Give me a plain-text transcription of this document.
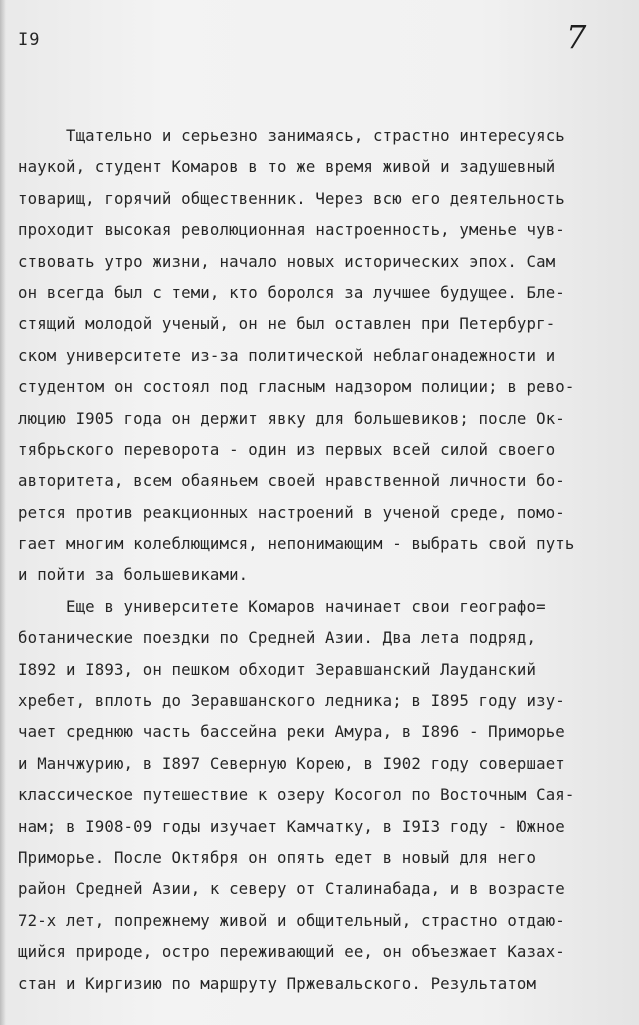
I9	7
Тщательно и серьезно занимаясь, страстно интересуясь
наукой, студент Комаров в то же время живой и задушевный
товарищ, горячий общественник. Через всю его деятельность
проходит высокая революционная настроенность, уменье чув-
ствовать утро жизни, начало новых исторических эпох. Сам
он всегда был с теми, кто боролся за лучшее будущее. Бле-
стящий молодой ученый, он не был оставлен при Петербург-
ском университете из-за политической неблагонадежности и
студентом он состоял под гласным надзором полиции; в рево-
люцию I905 года он держит явку для большевиков; после Ок-
тябрьского переворота - один из первых всей силой своего
авторитета, всем обаяньем своей нравственной личности бо-
рется против реакционных настроений в ученой среде, помо-
гает многим колеблющимся, непонимающим - выбрать свой путь
и пойти за большевиками.
Еще в университете Комаров начинает свои географо=
ботанические поездки по Средней Азии. Два лета подряд,
I892 и I893, он пешком обходит Зеравшанский Лауданский
хребет, вплоть до Зеравшанского ледника; в I895 году изу-
чает среднюю часть бассейна реки Амура, в I896 - Приморье
и Манчжурию, в I897 Северную Корею, в I902 году совершает
классическое путешествие к озеру Косогол по Восточным Сая-
нам; в I908-09 годы изучает Камчатку, в I9I3 году - Южное
Приморье. После Октября он опять едет в новый для него
район Средней Азии, к северу от Сталинабада, и в возрасте
72-х лет, попрежнему живой и общительный, страстно отдаю-
щийся природе, остро переживающий ее, он объезжает Казах-
стан и Киргизию по маршруту Пржевальского. Результатом
